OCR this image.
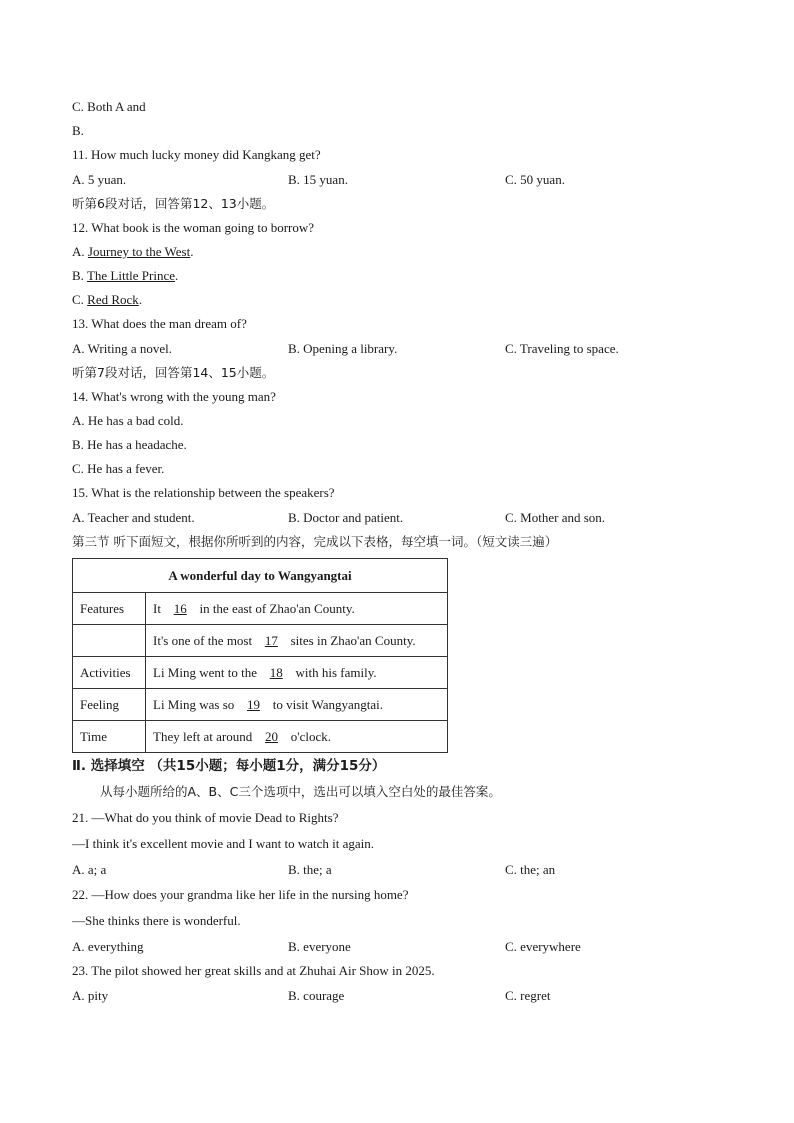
C. Both A and
B.
11. How much lucky money did Kangkang get?
A. 5 yuan.	B. 15 yuan.	C. 50 yuan.
听第6段对话，回答第12、13小题。
12. What book is the woman going to borrow?
A. Journey to the West.
B. The Little Prince.
C. Red Rock.
13. What does the man dream of?
A. Writing a novel.	B. Opening a library.	C. Traveling to space.
听第7段对话，回答第14、15小题。
14. What's wrong with the young man?
A. He has a bad cold.
B. He has a headache.
C. He has a fever.
15. What is the relationship between the speakers?
A. Teacher and student.	B. Doctor and patient.	C. Mother and son.
第三节 听下面短文，根据你所听到的内容，完成以下表格，每空填一词。（短文读三遍）
A wonderful day to Wangyangtai	
Features	It 16 in the east of Zhao'an County.
	It's one of the most 17 sites in Zhao'an County.
Activities	Li Ming went to the 18 with his family.
Feeling	Li Ming was so 19 to visit Wangyangtai.
Time	They left at around 20 o'clock.
Ⅱ. 选择填空 （共15小题；每小题1分，满分15分）
从每小题所给的A、B、C三个选项中，选出可以填入空白处的最佳答案。
21. —What do you think of movie Dead to Rights?
—I think it's excellent movie and I want to watch it again.
A. a; a	B. the; a	C. the; an
22. —How does your grandma like her life in the nursing home?
—She thinks there is wonderful.
A. everything	B. everyone	C. everywhere
23. The pilot showed her great skills and at Zhuhai Air Show in 2025.
A. pity	B. courage	C. regret
